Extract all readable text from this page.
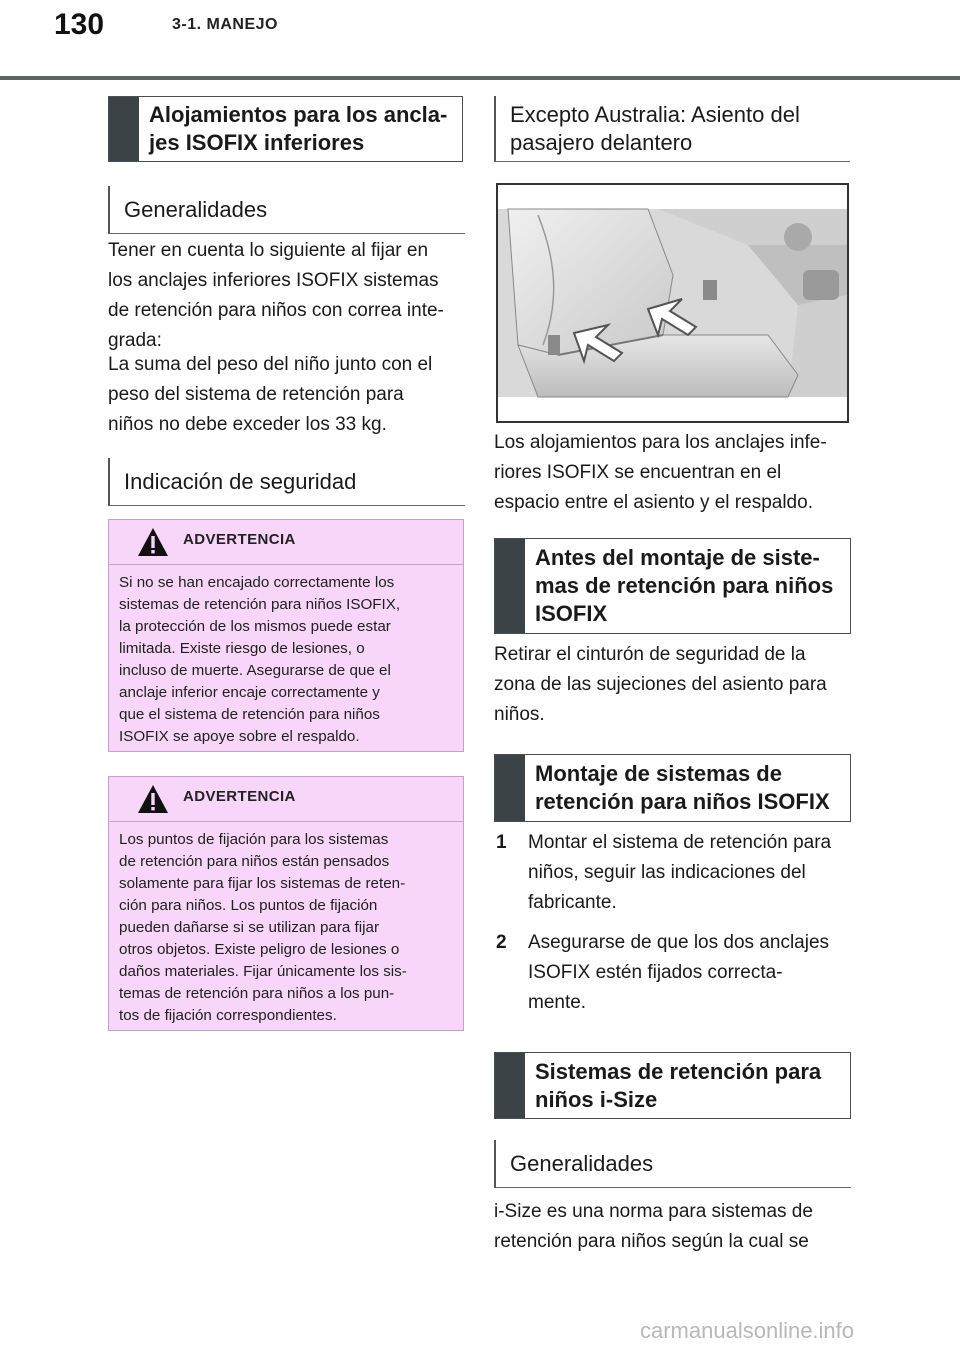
130	3-1. MANEJO
Alojamientos para los ancla-
jes ISOFIX inferiores
Generalidades

Tener en cuenta lo siguiente al fijar en
los anclajes inferiores ISOFIX sistemas
de retención para niños con correa inte-
grada:

La suma del peso del niño junto con el
peso del sistema de retención para
niños no debe exceder los 33 kg.

Indicación de seguridad
ADVERTENCIA
Si no se han encajado correctamente los
sistemas de retención para niños ISOFIX,
la protección de los mismos puede estar
limitada. Existe riesgo de lesiones, o
incluso de muerte. Asegurarse de que el
anclaje inferior encaje correctamente y
que el sistema de retención para niños
ISOFIX se apoye sobre el respaldo.
ADVERTENCIA
Los puntos de fijación para los sistemas
de retención para niños están pensados
solamente para fijar los sistemas de reten-
ción para niños. Los puntos de fijación
pueden dañarse si se utilizan para fijar
otros objetos. Existe peligro de lesiones o
daños materiales. Fijar únicamente los sis-
temas de retención para niños a los pun-
tos de fijación correspondientes.
Excepto Australia: Asiento del
pasajero delantero

Los alojamientos para los anclajes infe-
riores ISOFIX se encuentran en el
espacio entre el asiento y el respaldo.

Antes del montaje de siste-
mas de retención para niños
ISOFIX

Retirar el cinturón de seguridad de la
zona de las sujeciones del asiento para
niños.

Montaje de sistemas de
retención para niños ISOFIX
1 Montar el sistema de retención para
niños, seguir las indicaciones del
fabricante.
2 Asegurarse de que los dos anclajes
ISOFIX estén fijados correcta-
mente.
Sistemas de retención para
niños i-Size
Generalidades

i-Size es una norma para sistemas de
retención para niños según la cual se

carmanualsonline.info
